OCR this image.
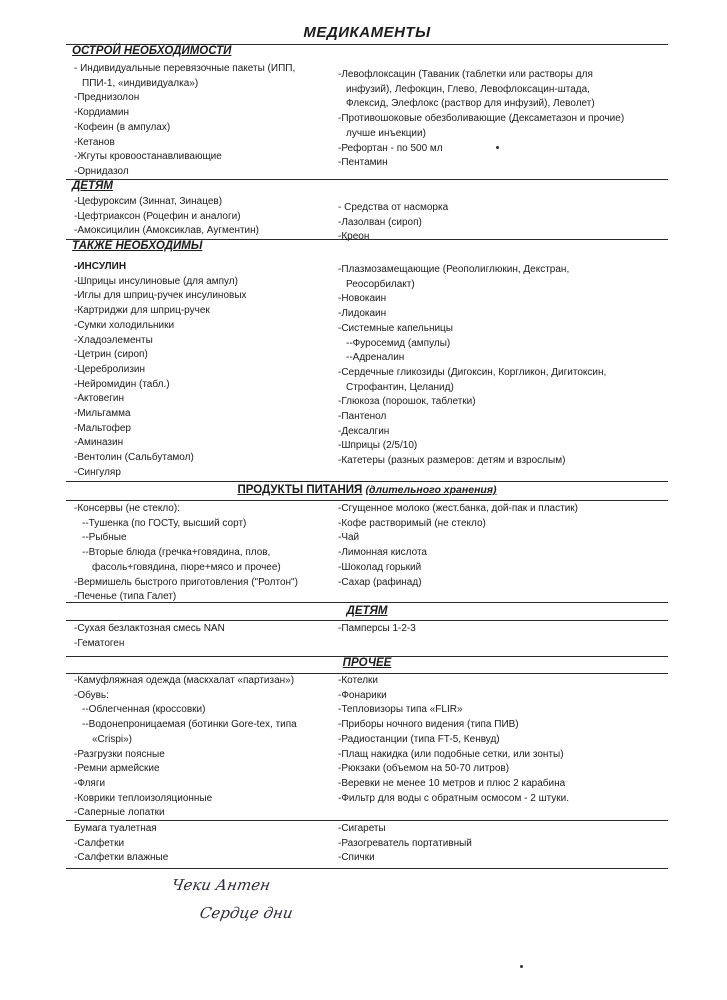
МЕДИКАМЕНТЫ
ОСТРОЙ НЕОБХОДИМОСТИ
- Индивидуальные перевязочные пакеты (ИПП,
ППИ-1, «индивидуалка»)
-Преднизолон
-Кордиамин
-Кофеин (в ампулах)
-Кетанов
-Жгуты кровоостанавливающие
-Орнидазол
-Левофлоксацин (Таваник (таблетки или растворы для
инфузий), Лефокцин, Глево, Левофлоксацин-штада,
Флексид, Элефлокс (раствор для инфузий), Леволет)
-Противошоковые обезболивающие (Дексаметазон и прочие)
лучше инъекции)
-Рефортан - по 500 мл
-Пентамин
ДЕТЯМ
-Цефуроксим (Зиннат, Зинацев)
-Цефтриаксон (Роцефин и аналоги)
-Амоксицилин (Амоксиклав, Аугментин)
- Средства от насморка
-Лазолван (сироп)
-Креон
ТАКЖЕ НЕОБХОДИМЫ
-ИНСУЛИН
-Шприцы инсулиновые (для ампул)
-Иглы для шприц-ручек инсулиновых
-Картриджи для шприц-ручек
-Сумки холодильники
-Хладоэлементы
-Цетрин (сироп)
-Церебролизин
-Нейромидин (табл.)
-Актовегин
-Мильгамма
-Мальтофер
-Аминазин
-Вентолин (Сальбутамол)
-Сингуляр
-Плазмозамещающие (Реополиглюкин, Декстран,
Реосорбилакт)
-Новокаин
-Лидокаин
-Системные капельницы
--Фуросемид (ампулы)
--Адреналин
-Сердечные гликозиды (Дигоксин, Коргликон, Дигитоксин,
Строфантин, Целанид)
-Глюкоза (порошок, таблетки)
-Пантенол
-Дексалгин
-Шприцы (2/5/10)
-Катетеры (разных размеров: детям и взрослым)
ПРОДУКТЫ ПИТАНИЯ (длительного хранения)
-Консервы (не стекло):
--Тушенка (по ГОСТу, высший сорт)
--Рыбные
--Вторые блюда (гречка+говядина, плов,
фасоль+говядина, пюре+мясо и прочее)
-Вермишель быстрого приготовления ("Ролтон")
-Печенье (типа Галет)
-Сгущенное молоко (жест.банка, дой-пак и пластик)
-Кофе растворимый (не стекло)
-Чай
-Лимонная кислота
-Шоколад горький
-Сахар (рафинад)
ДЕТЯМ
-Сухая безлактозная смесь NAN
-Гематоген
-Памперсы 1-2-3
ПРОЧЕЕ
-Камуфляжная одежда (маскхалат «партизан»)
-Обувь:
--Облегченная (кроссовки)
--Водонепроницаемая (ботинки Gore-tex, типа
«Crispi»)
-Разгрузки поясные
-Ремни армейские
-Фляги
-Коврики теплоизоляционные
-Саперные лопатки
-Котелки
-Фонарики
-Тепловизоры типа «FLIR»
-Приборы ночного видения (типа ПИВ)
-Радиостанции (типа FT-5, Кенвуд)
-Плащ накидка (или подобные сетки, или зонты)
-Рюкзаки (объемом на 50-70 литров)
-Веревки не менее 10 метров и плюс 2 карабина
-Фильтр для воды с обратным осмосом - 2 штуки.
Бумага туалетная
-Салфетки
-Салфетки влажные
-Сигареты
-Разогреватель портативный
-Спички
Чеки Антен
Сердце дни
